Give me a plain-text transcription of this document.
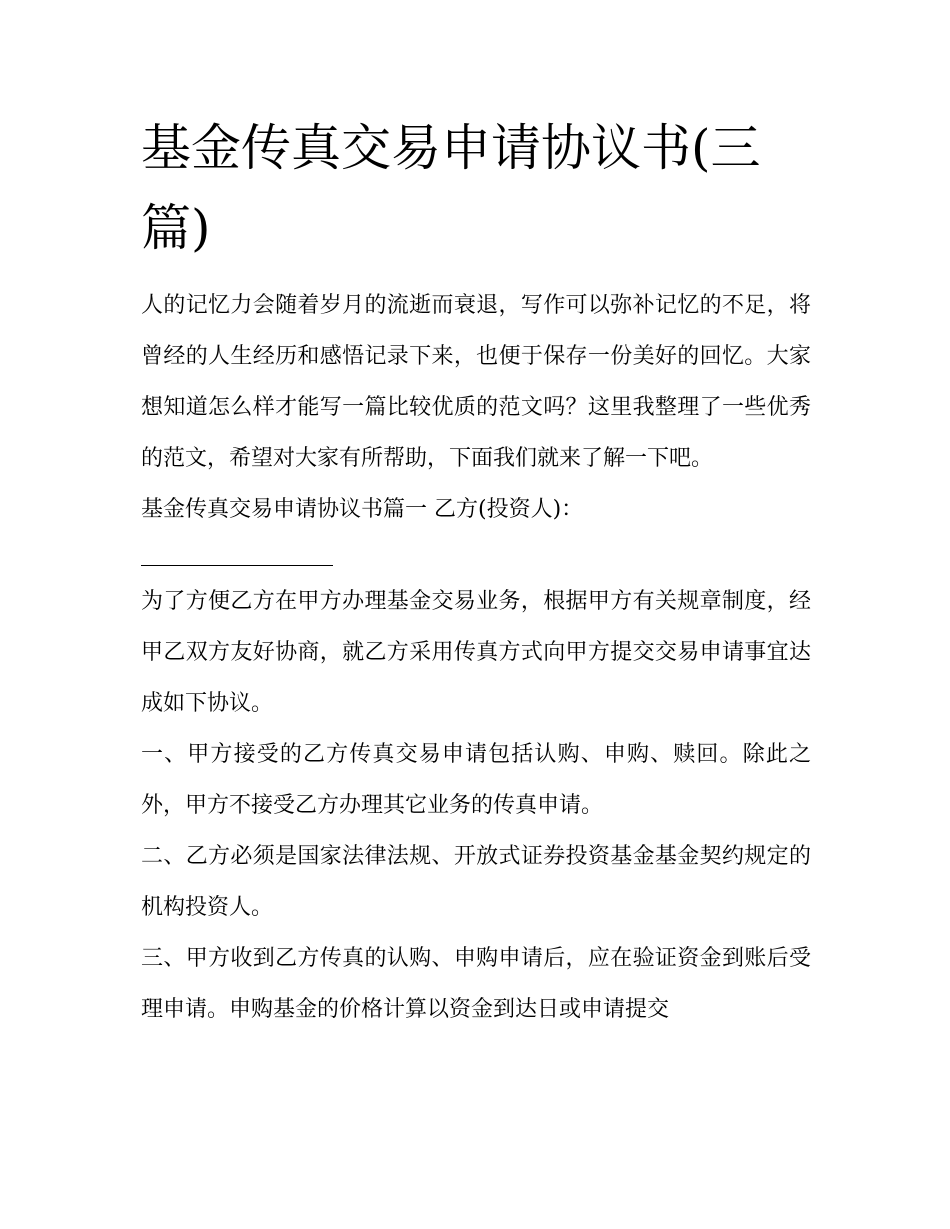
基金传真交易申请协议书(三篇)

人的记忆力会随着岁月的流逝而衰退，写作可以弥补记忆的不足，将曾经的人生经历和感悟记录下来，也便于保存一份美好的回忆。大家想知道怎么样才能写一篇比较优质的范文吗？这里我整理了一些优秀的范文，希望对大家有所帮助，下面我们就来了解一下吧。

基金传真交易申请协议书篇一 乙方(投资人)：

为了方便乙方在甲方办理基金交易业务，根据甲方有关规章制度，经甲乙双方友好协商，就乙方采用传真方式向甲方提交交易申请事宜达成如下协议。

一、甲方接受的乙方传真交易申请包括认购、申购、赎回。除此之外，甲方不接受乙方办理其它业务的传真申请。

二、乙方必须是国家法律法规、开放式证券投资基金基金契约规定的机构投资人。

三、甲方收到乙方传真的认购、申购申请后，应在验证资金到账后受理申请。申购基金的价格计算以资金到达日或申请提交
